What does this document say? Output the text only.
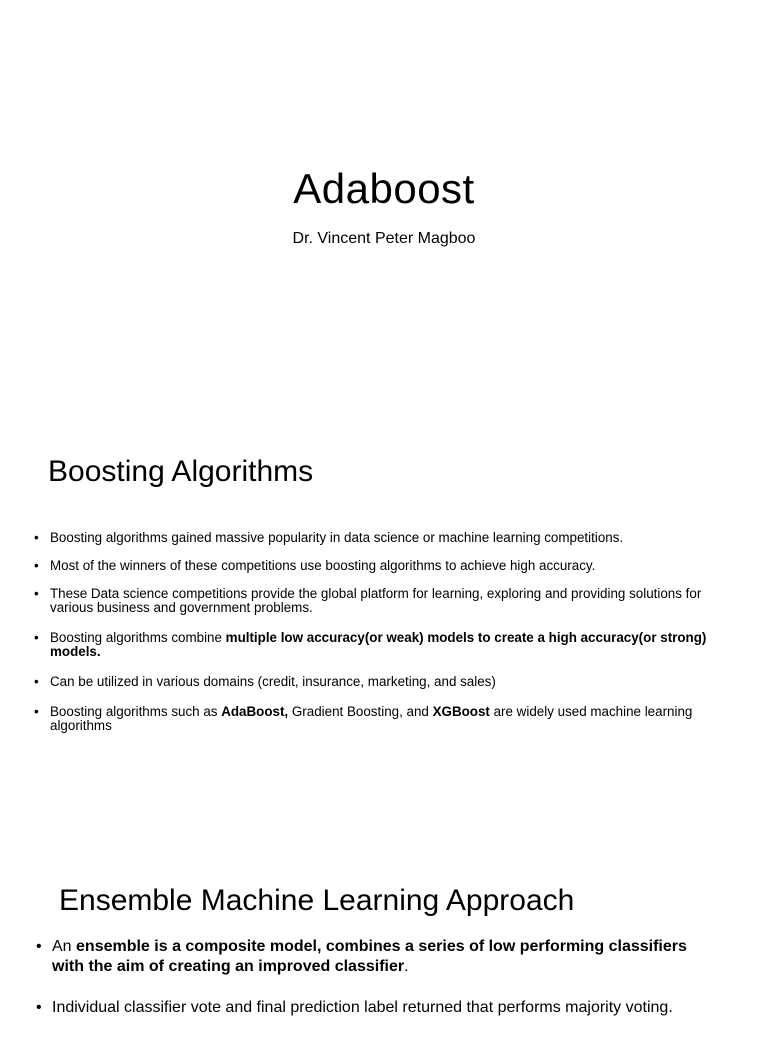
Adaboost
Dr. Vincent Peter Magboo
Boosting Algorithms
• Boosting algorithms gained massive popularity in data science or machine learning competitions.
• Most of the winners of these competitions use boosting algorithms to achieve high accuracy.
• These Data science competitions provide the global platform for learning, exploring and providing solutions for various business and government problems.
• Boosting algorithms combine multiple low accuracy(or weak) models to create a high accuracy(or strong) models.
• Can be utilized in various domains (credit, insurance, marketing, and sales)
• Boosting algorithms such as AdaBoost, Gradient Boosting, and XGBoost are widely used machine learning algorithms
Ensemble Machine Learning Approach
• An ensemble is a composite model, combines a series of low performing classifiers with the aim of creating an improved classifier.
• Individual classifier vote and final prediction label returned that performs majority voting.
